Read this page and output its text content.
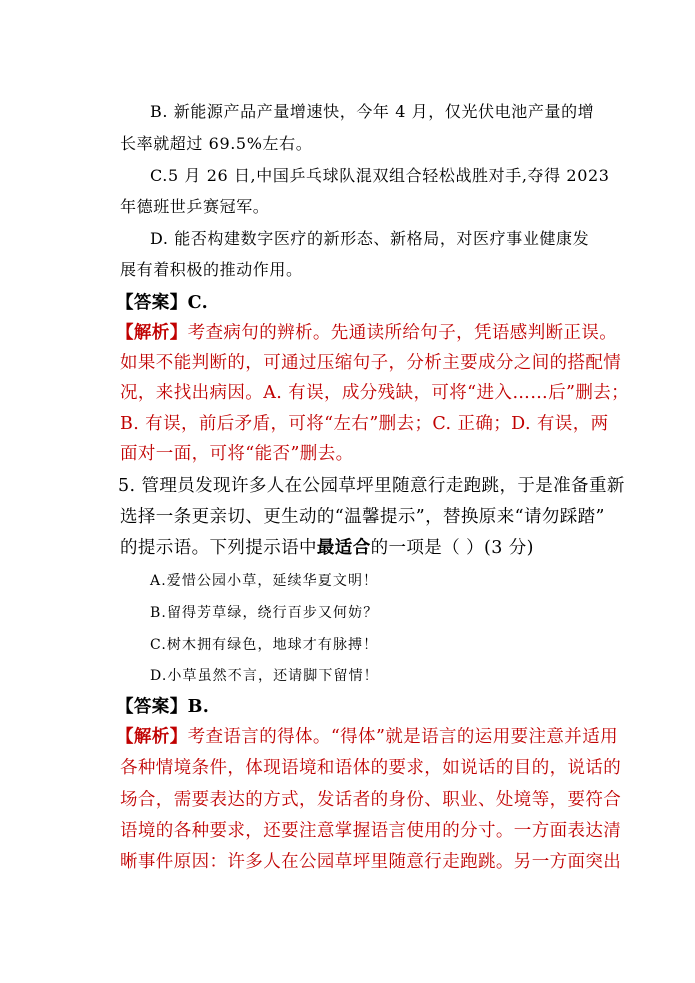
B. 新能源产品产量增速快，今年 4 月，仅光伏电池产量的增
长率就超过 69.5%左右。
C.5 月 26 日,中国乒乓球队混双组合轻松战胜对手,夺得 2023
年德班世乒赛冠军。
D. 能否构建数字医疗的新形态、新格局，对医疗事业健康发
展有着积极的推动作用。
【答案】C.
【解析】考查病句的辨析。先通读所给句子，凭语感判断正误。
如果不能判断的，可通过压缩句子，分析主要成分之间的搭配情
况，来找出病因。A. 有误，成分残缺，可将“进入……后”删去；
B. 有误，前后矛盾，可将“左右”删去；C. 正确；D. 有误，两
面对一面，可将“能否”删去。
5. 管理员发现许多人在公园草坪里随意行走跑跳，于是准备重新
选择一条更亲切、更生动的“温馨提示”，替换原来“请勿踩踏”
的提示语。下列提示语中最适合的一项是（ ）(3 分)
A.爱惜公园小草，延续华夏文明！
B.留得芳草绿，绕行百步又何妨？
C.树木拥有绿色，地球才有脉搏！
D.小草虽然不言，还请脚下留情！
【答案】B.
【解析】考查语言的得体。“得体”就是语言的运用要注意并适用
各种情境条件，体现语境和语体的要求，如说话的目的，说话的
场合，需要表达的方式，发话者的身份、职业、处境等，要符合
语境的各种要求，还要注意掌握语言使用的分寸。一方面表达清
晰事件原因：许多人在公园草坪里随意行走跑跳。另一方面突出
